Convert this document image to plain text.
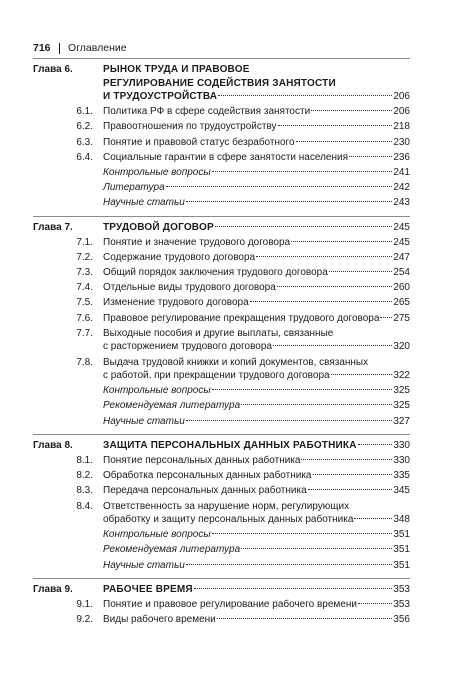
716 Оглавление
Глава 6.	РЫНОК ТРУДА И ПРАВОВОЕ
РЕГУЛИРОВАНИЕ СОДЕЙСТВИЯ ЗАНЯТОСТИ
И ТРУДОУСТРОЙСТВА	206
6.1.	Политика РФ в сфере содействия занятости	206
6.2.	Правоотношения по трудоустройству	218
6.3.	Понятие и правовой статус безработного	230
6.4.	Социальные гарантии в сфере занятости населения	236
Контрольные вопросы	241
Литература	242
Научные статьи	243
Глава 7.	ТРУДОВОЙ ДОГОВОР	245
7.1.	Понятие и значение трудового договора	245
7.2.	Содержание трудового договора	247
7.3.	Общий порядок заключения трудового договора	254
7.4.	Отдельные виды трудового договора	260
7.5.	Изменение трудового договора	265
7.6.	Правовое регулирование прекращения трудового договора 275
7.7.	Выходные пособия и другие выплаты, связанные
с расторжением трудового договора	320
7.8.	Выдача трудовой книжки и копий документов, связанных
с работой, при прекращении трудового договора	322
Контрольные вопросы	325
Рекомендуемая литература	325
Научные статьи	327
Глава 8.	ЗАЩИТА ПЕРСОНАЛЬНЫХ ДАННЫХ РАБОТНИКА	330
8.1.	Понятие персональных данных работника	330
8.2.	Обработка персональных данных работника	335
8.3.	Передача персональных данных работника	345
8.4.	Ответственность за нарушение норм, регулирующих
обработку и защиту персональных данных работника	348
Контрольные вопросы	351
Рекомендуемая литература	351
Научные статьи	351
Глава 9.	РАБОЧЕЕ ВРЕМЯ	353
9.1.	Понятие и правовое регулирование рабочего времени	353
9.2.	Виды рабочего времени	356
